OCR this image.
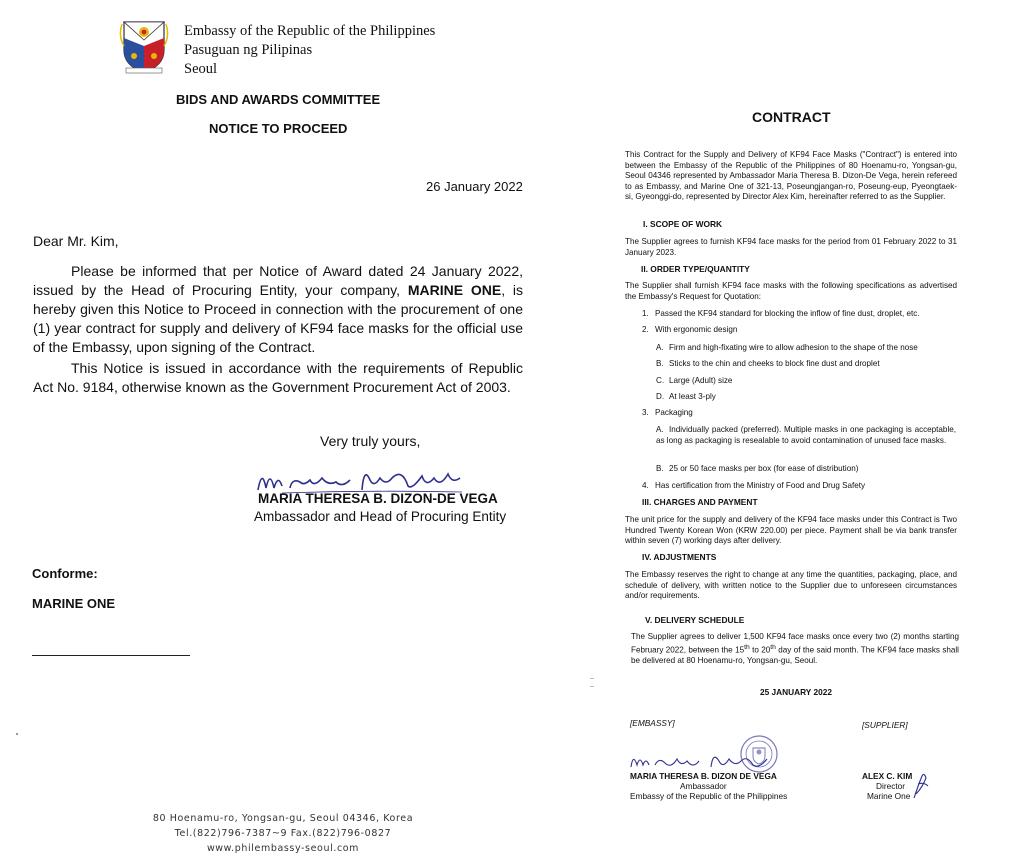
Embassy of the Republic of the Philippines
Pasuguan ng Pilipinas
Seoul
BIDS AND AWARDS COMMITTEE
NOTICE TO PROCEED
26 January 2022
Dear Mr. Kim,

Please be informed that per Notice of Award dated 24 January 2022, issued by the Head of Procuring Entity, your company, MARINE ONE, is hereby given this Notice to Proceed in connection with the procurement of one (1) year contract for supply and delivery of KF94 face masks for the official use of the Embassy, upon signing of the Contract.

This Notice is issued in accordance with the requirements of Republic Act No. 9184, otherwise known as the Government Procurement Act of 2003.

Very truly yours,
MARIA THERESA B. DIZON-DE VEGA
Ambassador and Head of Procuring Entity
Conforme:
MARINE ONE
80 Hoenamu-ro, Yongsan-gu, Seoul 04346, Korea
Tel.(822)796-7387~9 Fax.(822)796-0827
www.philembassy-seoul.com
CONTRACT
This Contract for the Supply and Delivery of KF94 Face Masks ("Contract") is entered into between the Embassy of the Republic of the Philippines of 80 Hoenamu-ro, Yongsan-gu, Seoul 04346 represented by Ambassador Maria Theresa B. Dizon-De Vega, herein refereed to as Embassy, and Marine One of 321-13, Poseungjangan-ro, Poseung-eup, Pyeongtaek-si, Gyeonggi-do, represented by Director Alex Kim, hereinafter referred to as the Supplier.
I. SCOPE OF WORK
The Supplier agrees to furnish KF94 face masks for the period from 01 February 2022 to 31 January 2023.
II. ORDER TYPE/QUANTITY
The Supplier shall furnish KF94 face masks with the following specifications as advertised the Embassy's Request for Quotation:
1. Passed the KF94 standard for blocking the inflow of fine dust, droplet, etc.
2. With ergonomic design
A. Firm and high-fixating wire to allow adhesion to the shape of the nose
B. Sticks to the chin and cheeks to block fine dust and droplet
C. Large (Adult) size
D. At least 3-ply
3. Packaging
A. Individually packed (preferred). Multiple masks in one packaging is acceptable, as long as packaging is resealable to avoid contamination of unused face masks.
B. 25 or 50 face masks per box (for ease of distribution)
4. Has certification from the Ministry of Food and Drug Safety
III. CHARGES AND PAYMENT
The unit price for the supply and delivery of the KF94 face masks under this Contract is Two Hundred Twenty Korean Won (KRW 220.00) per piece. Payment shall be via bank transfer within seven (7) working days after delivery.
IV. ADJUSTMENTS
The Embassy reserves the right to change at any time the quantities, packaging, place, and schedule of delivery, with written notice to the Supplier due to unforeseen circumstances and/or requirements.
V. DELIVERY SCHEDULE
The Supplier agrees to deliver 1,500 KF94 face masks once every two (2) months starting February 2022, between the 15th to 20th day of the said month. The KF94 face masks shall be delivered at 80 Hoenamu-ro, Yongsan-gu, Seoul.
25 JANUARY 2022
[EMBASSY]	[SUPPLIER]
MARIA THERESA B. DIZON DE VEGA
Ambassador
Embassy of the Republic of the Philippines
ALEX C. KIM
Director
Marine One
